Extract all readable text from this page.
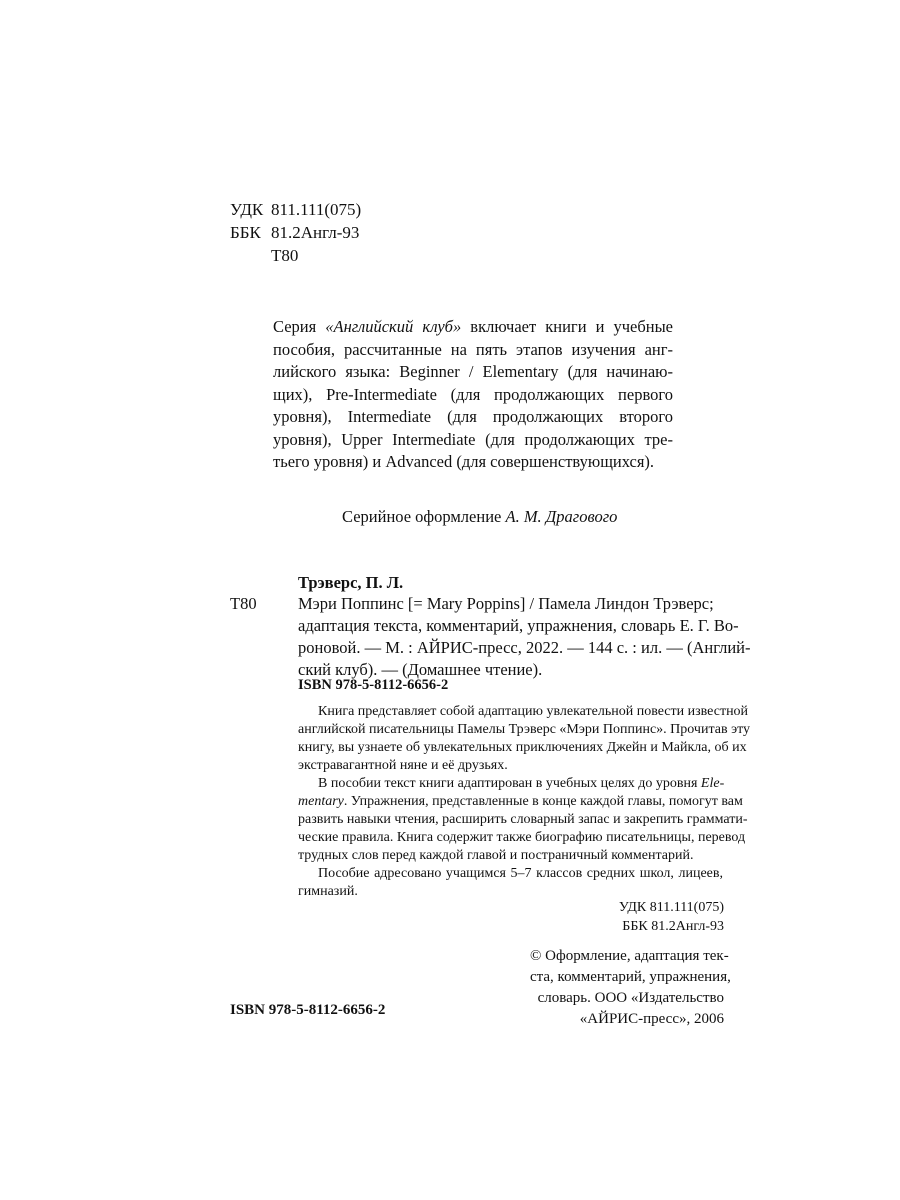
УДК 811.111(075)
ББК 81.2Англ-93
Т80
Серия «Английский клуб» включает книги и учебные
пособия, рассчитанные на пять этапов изучения анг-
лийского языка: Beginner / Elementary (для начинаю-
щих), Pre-Intermediate (для продолжающих первого
уровня), Intermediate (для продолжающих второго
уровня), Upper Intermediate (для продолжающих тре-
тьего уровня) и Advanced (для совершенствующихся).
Серийное оформление А. М. Драгового
Трэверс, П. Л.
Т80	Мэри Поппинс [= Mary Poppins] / Памела Линдон Трэверс;
адаптация текста, комментарий, упражнения, словарь Е. Г. Во-
роновой. — М. : АЙРИС-пресс, 2022. — 144 с. : ил. — (Англий-
ский клуб). — (Домашнее чтение).
ISBN 978-5-8112-6656-2
Книга представляет собой адаптацию увлекательной повести известной
английской писательницы Памелы Трэверс «Мэри Поппинс». Прочитав эту
книгу, вы узнаете об увлекательных приключениях Джейн и Майкла, об их
экстравагантной няне и её друзьях.
В пособии текст книги адаптирован в учебных целях до уровня Ele-
mentary. Упражнения, представленные в конце каждой главы, помогут вам
развить навыки чтения, расширить словарный запас и закрепить граммати-
ческие правила. Книга содержит также биографию писательницы, перевод
трудных слов перед каждой главой и постраничный комментарий.
Пособие адресовано учащимся 5–7 классов средних школ, лицеев,
гимназий.
УДК 811.111(075)
ББК 81.2Англ-93
© Оформление, адаптация тек-
ста, комментарий, упражнения,
словарь. ООО «Издательство
«АЙРИС-пресс», 2006
ISBN 978-5-8112-6656-2
